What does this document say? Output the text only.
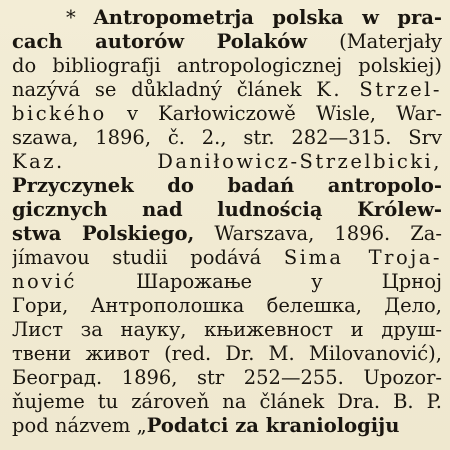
* Antropometrja polska w pra-
cach autorów Polaków (Materjały
do bibliografji antropologicznej polskiej)
nazývá se důkladný článek K. Strzel-
bického v Karłowiczowě Wisle, War-
szawa, 1896, č. 2., str. 282—315. Srv
Kaz. Daniłowicz-Strzelbicki,
Przyczynek do badań antropolo-
gicznych nad ludnością Królew-
stwa Polskiego, Warszava, 1896. Za-
jímavou studii podává Sima Troja-
nović Шарожање у Црној
Гори, Антрополошка белешка, Дело,
Лист за науку, књижевност и друш-
твени живот (red. Dr. M. Milovanović),
Београд. 1896, str 252—255. Upozor-
ňujeme tu zároveň na článek Dra. B. P.
pod názvem „Podatci za kraniologiju
